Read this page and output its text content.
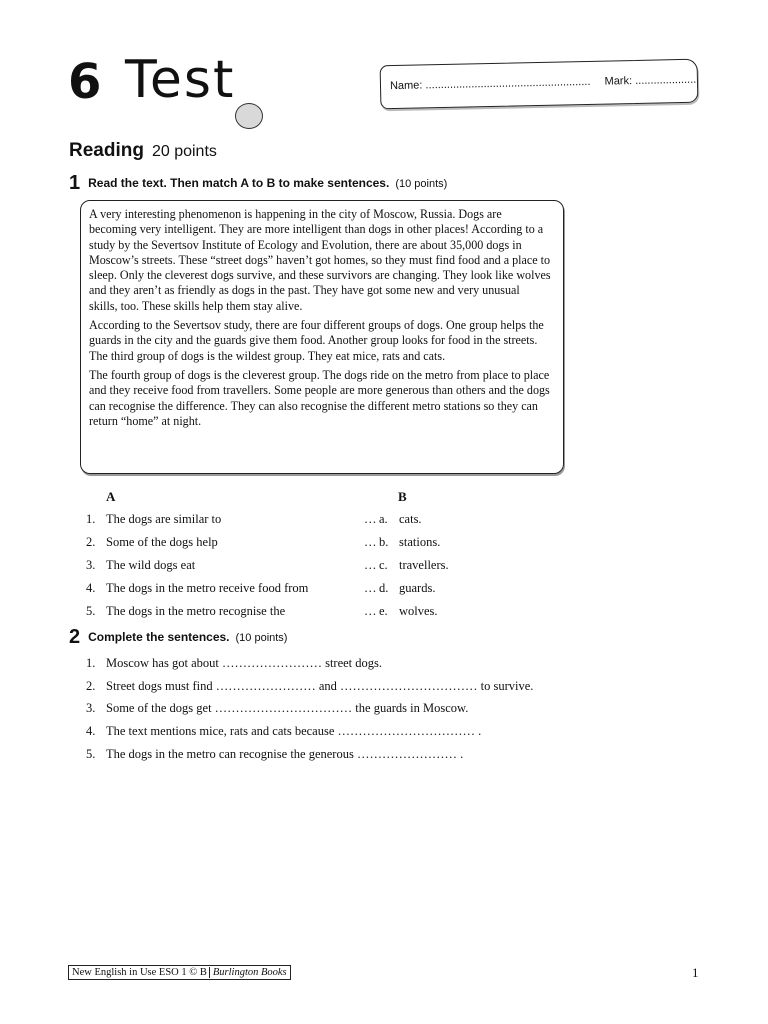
6 Test	Name: ...................................................... Mark: ....................
Reading 20 points
1 Read the text. Then match A to B to make sentences. (10 points)

A very interesting phenomenon is happening in the city of Moscow, Russia. Dogs are becoming very intelligent. They are more intelligent than dogs in other places! According to a study by the Severtsov Institute of Ecology and Evolution, there are about 35,000 dogs in Moscow’s streets. These “street dogs” haven’t got homes, so they must find food and a place to sleep. Only the cleverest dogs survive, and these survivors are changing. They look like wolves and they aren’t as friendly as dogs in the past. They have got some new and very unusual skills, too. These skills help them stay alive.

According to the Severtsov study, there are four different groups of dogs. One group helps the guards in the city and the guards give them food. Another group looks for food in the streets. The third group of dogs is the wildest group. They eat mice, rats and cats.

The fourth group of dogs is the cleverest group. The dogs ride on the metro from place to place and they receive food from travellers. Some people are more generous than others and the dogs can recognise the difference. They can also recognise the different metro stations so they can return “home” at night.

A	B
1. The dogs are similar to	… a. cats.
2. Some of the dogs help	… b. stations.
3. The wild dogs eat	… c. travellers.
4. The dogs in the metro receive food from	… d. guards.
5. The dogs in the metro recognise the	… e. wolves.
2 Complete the sentences. (10 points)
1. Moscow has got about …………………… street dogs.
2. Street dogs must find …………………… and …………………………… to survive.
3. Some of the dogs get …………………………… the guards in Moscow.
4. The text mentions mice, rats and cats because …………………………… .
5. The dogs in the metro can recognise the generous …………………… .
New English in Use ESO 1 © B Burlington Books	1
